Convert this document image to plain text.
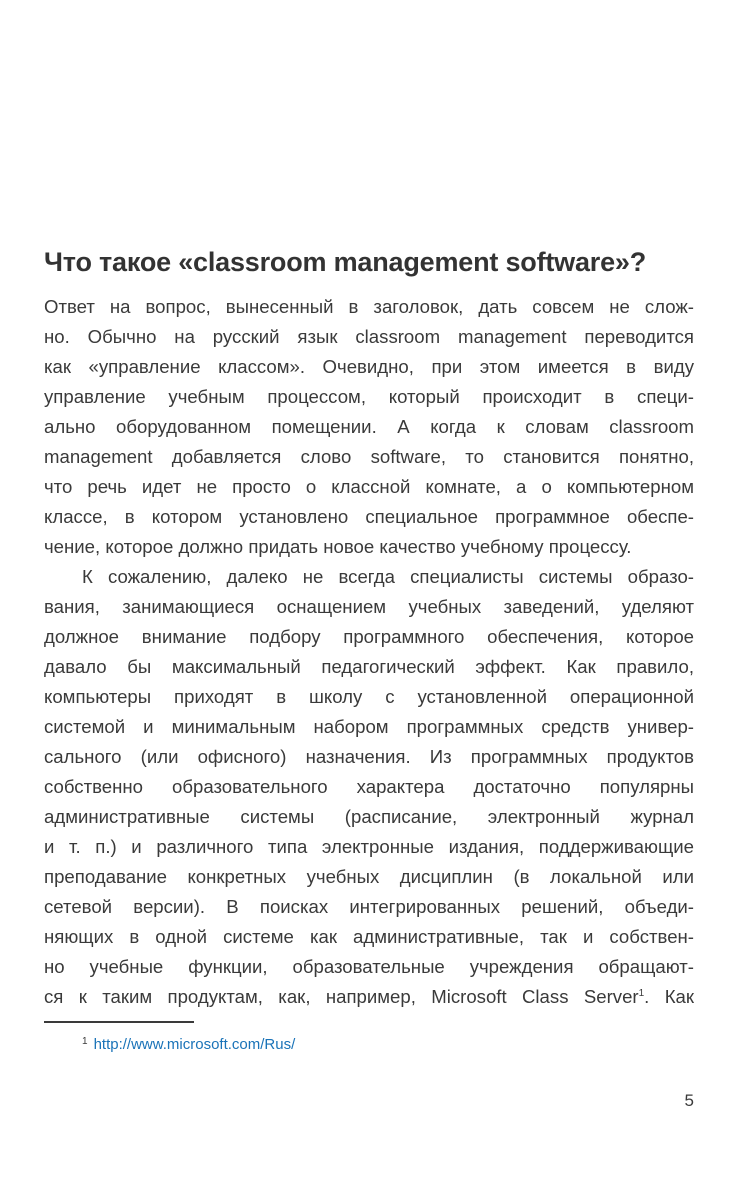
Что такое «classroom management software»?
Ответ на вопрос, вынесенный в заголовок, дать совсем не слож-
но. Обычно на русский язык classroom management переводится
как «управление классом». Очевидно, при этом имеется в виду
управление учебным процессом, который происходит в специ-
ально оборудованном помещении. А когда к словам classroom
management добавляется слово software, то становится понятно,
что речь идет не просто о классной комнате, а о компьютерном
классе, в котором установлено специальное программное обеспе-
чение, которое должно придать новое качество учебному процессу.
К сожалению, далеко не всегда специалисты системы образо-
вания, занимающиеся оснащением учебных заведений, уделяют
должное внимание подбору программного обеспечения, которое
давало бы максимальный педагогический эффект. Как правило,
компьютеры приходят в школу с установленной операционной
системой и минимальным набором программных средств универ-
сального (или офисного) назначения. Из программных продуктов
собственно образовательного характера достаточно популярны
административные системы (расписание, электронный журнал
и т. п.) и различного типа электронные издания, поддерживающие
преподавание конкретных учебных дисциплин (в локальной или
сетевой версии). В поисках интегрированных решений, объеди-
няющих в одной системе как административные, так и собствен-
но учебные функции, образовательные учреждения обращают-
ся к таким продуктам, как, например, Microsoft Class Server$^1$. Как
$^1$ http://www.microsoft.com/Rus/
5
